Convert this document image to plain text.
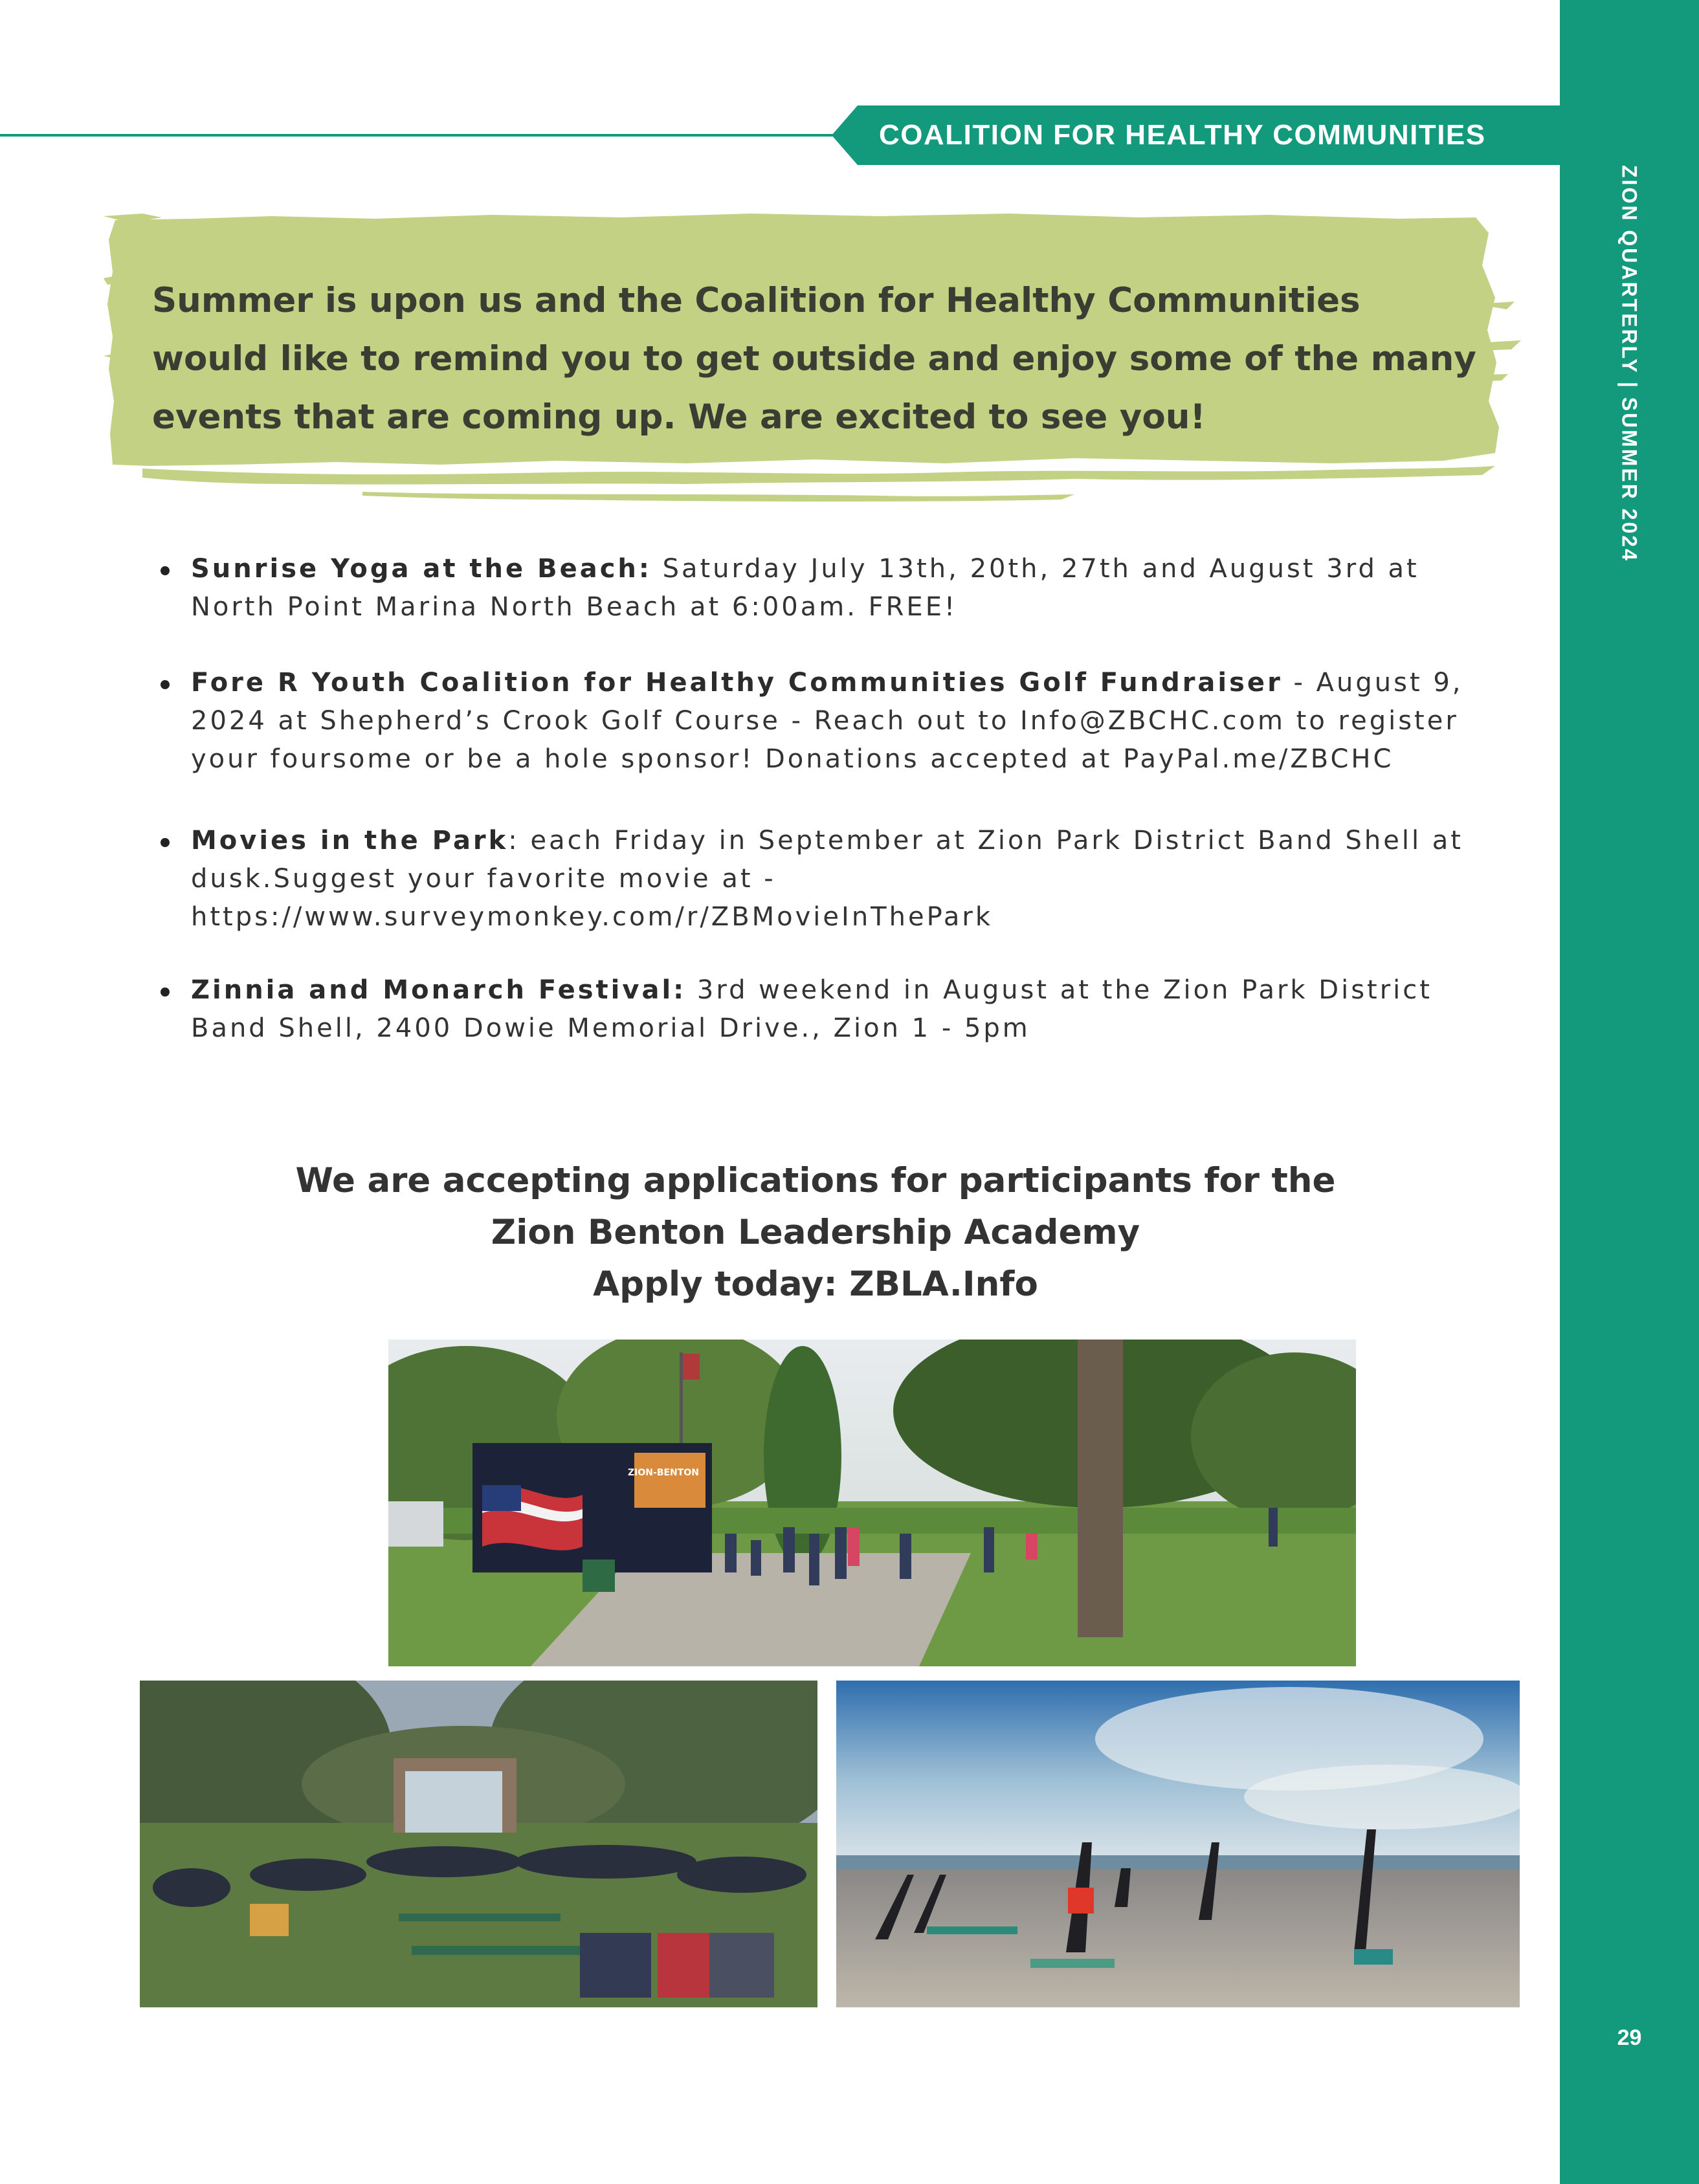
ZION QUARTERLY | SUMMER 2024
29
COALITION FOR HEALTHY COMMUNITIES
Summer is upon us and the Coalition for Healthy Communities would like to remind you to get outside and enjoy some of the many events that are coming up. We are excited to see you!
Sunrise Yoga at the Beach: Saturday July 13th, 20th, 27th and August 3rd at North Point Marina North Beach at 6:00am. FREE!
Fore R Youth Coalition for Healthy Communities Golf Fundraiser - August 9, 2024 at Shepherd’s Crook Golf Course - Reach out to Info@ZBCHC.com to register your foursome or be a hole sponsor! Donations accepted at PayPal.me/ZBCHC
Movies in the Park: each Friday in September at Zion Park District Band Shell at dusk.Suggest your favorite movie at - https://www.surveymonkey.com/r/ZBMovieInThePark
Zinnia and Monarch Festival: 3rd weekend in August at the Zion Park District Band Shell, 2400 Dowie Memorial Drive., Zion 1 - 5pm
We are accepting applications for participants for the
Zion Benton Leadership Academy
Apply today: ZBLA.Info
ZION-BENTON
